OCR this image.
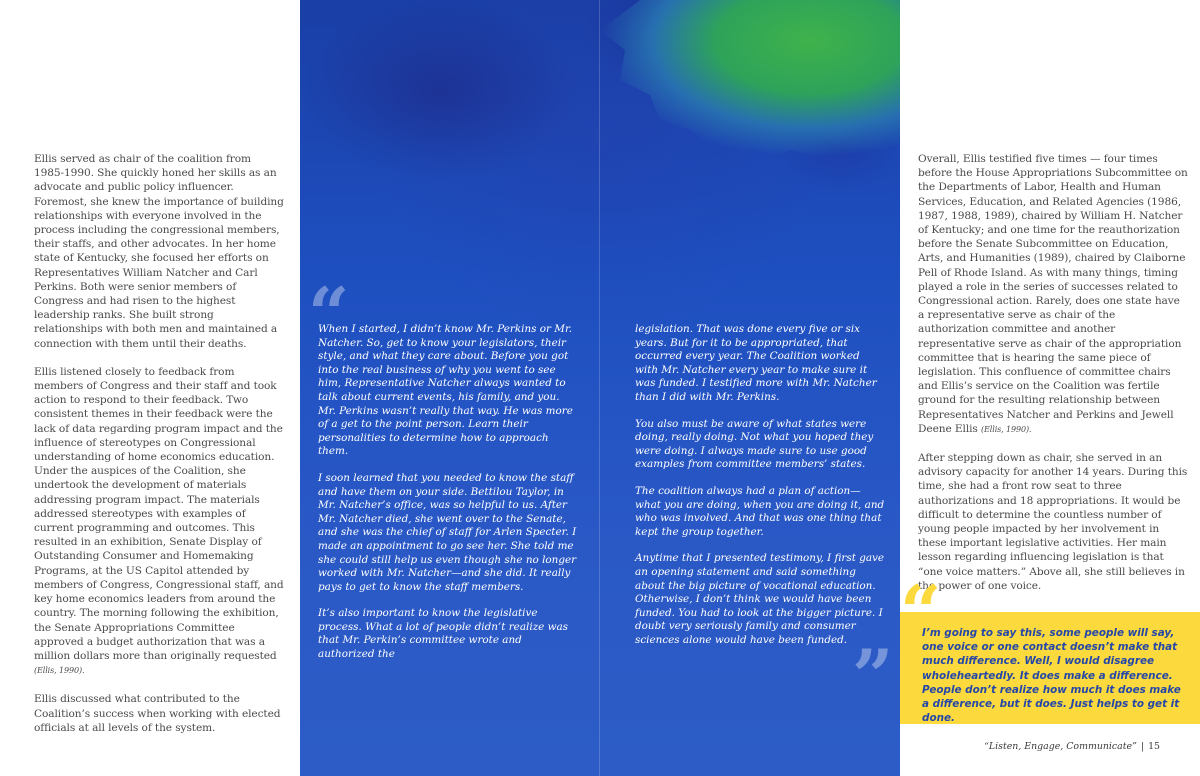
Ellis served as chair of the coalition from 1985-1990. She quickly honed her skills as an advocate and public policy influencer. Foremost, she knew the importance of building relationships with everyone involved in the process including the congressional members, their staffs, and other advocates. In her home state of Kentucky, she focused her efforts on Representatives William Natcher and Carl Perkins. Both were senior members of Congress and had risen to the highest leadership ranks. She built strong relationships with both men and maintained a connection with them until their deaths.

Ellis listened closely to feedback from members of Congress and their staff and took action to respond to their feedback. Two consistent themes in their feedback were the lack of data regarding program impact and the influence of stereotypes on Congressional understanding of home economics education. Under the auspices of the Coalition, she undertook the development of materials addressing program impact. The materials addressed stereotypes with examples of current programming and outcomes. This resulted in an exhibition, Senate Display of Outstanding Consumer and Homemaking Programs, at the US Capitol attended by members of Congress, Congressional staff, and key home economics leaders from around the country. The morning following the exhibition, the Senate Appropriations Committee approved a budget authorization that was a million dollars more than originally requested (Ellis, 1990).

Ellis discussed what contributed to the Coalition’s success when working with elected officials at all levels of the system.

“

When I started, I didn’t know Mr. Perkins or Mr. Natcher. So, get to know your legislators, their style, and what they care about. Before you got into the real business of why you went to see him, Representative Natcher always wanted to talk about current events, his family, and you. Mr. Perkins wasn’t really that way. He was more of a get to the point person. Learn their personalities to determine how to approach them.

I soon learned that you needed to know the staff and have them on your side. Bettilou Taylor, in Mr. Natcher’s office, was so helpful to us. After Mr. Natcher died, she went over to the Senate, and she was the chief of staff for Arlen Specter. I made an appointment to go see her. She told me she could still help us even though she no longer worked with Mr. Natcher—and she did. It really pays to get to know the staff members.

It’s also important to know the legislative process. What a lot of people didn’t realize was that Mr. Perkin’s committee wrote and authorized the

legislation. That was done every five or six years. But for it to be appropriated, that occurred every year. The Coalition worked with Mr. Natcher every year to make sure it was funded. I testified more with Mr. Natcher than I did with Mr. Perkins.

You also must be aware of what states were doing, really doing. Not what you hoped they were doing. I always made sure to use good examples from committee members’ states.

The coalition always had a plan of action—what you are doing, when you are doing it, and who was involved. And that was one thing that kept the group together.

Anytime that I presented testimony, I first gave an opening statement and said something about the big picture of vocational education. Otherwise, I don’t think we would have been funded. You had to look at the bigger picture. I doubt very seriously family and consumer sciences alone would have been funded. ”

Overall, Ellis testified five times — four times before the House Appropriations Subcommittee on the Departments of Labor, Health and Human Services, Education, and Related Agencies (1986, 1987, 1988, 1989), chaired by William H. Natcher of Kentucky; and one time for the reauthorization before the Senate Subcommittee on Education, Arts, and Humanities (1989), chaired by Claiborne Pell of Rhode Island. As with many things, timing played a role in the series of successes related to Congressional action. Rarely, does one state have a representative serve as chair of the authorization committee and another representative serve as chair of the appropriation committee that is hearing the same piece of legislation. This confluence of committee chairs and Ellis’s service on the Coalition was fertile ground for the resulting relationship between Representatives Natcher and Perkins and Jewell Deene Ellis (Ellis, 1990).

After stepping down as chair, she served in an advisory capacity for another 14 years. During this time, she had a front row seat to three authorizations and 18 appropriations. It would be difficult to determine the countless number of young people impacted by her involvement in these important legislative activities. Her main lesson regarding influencing legislation is that “one voice matters.” Above all, she still believes in the power of one voice.

I’m going to say this, some people will say, one voice or one contact doesn’t make that much difference. Well, I would disagree wholeheartedly. It does make a difference. People don’t realize how much it does make a difference, but it does. Just helps to get it done.
“Listen, Engage, Communicate” | 15
